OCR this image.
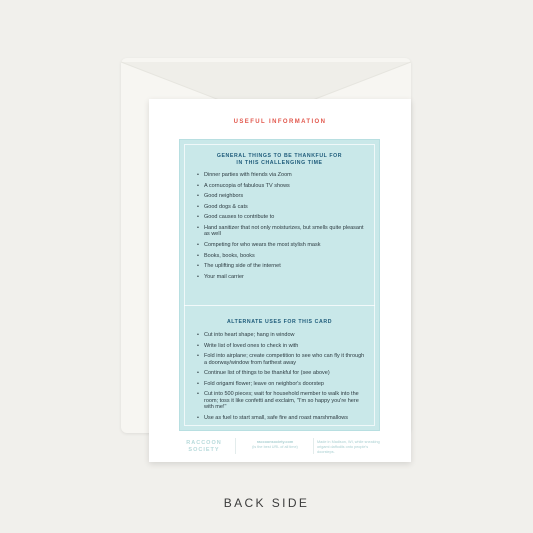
USEFUL INFORMATION
GENERAL THINGS TO BE THANKFUL FOR
IN THIS CHALLENGING TIME
• Dinner parties with friends via Zoom
• A cornucopia of fabulous TV shows
• Good neighbors
• Good dogs & cats
• Good causes to contribute to
• Hand sanitizer that not only moisturizes, but smells quite pleasant as well
• Competing for who wears the most stylish mask
• Books, books, books
• The uplifting side of the internet
• Your mail carrier
ALTERNATE USES FOR THIS CARD
• Cut into heart shape; hang in window
• Write list of loved ones to check in with
• Fold into airplane; create competition to see who can fly it through a doorway/window from farthest away
• Continue list of things to be thankful for (see above)
• Fold origami flower; leave on neighbor's doorstep
• Cut into 500 pieces; wait for household member to walk into the room; toss it like confetti and exclaim, "I'm so happy you're here with me!"
• Use as fuel to start small, safe fire and roast marshmallows
RACCOON
SOCIETY
raccoonsociety.com
(is the best URL of all time)
Made in Madison, WI, while sneaking origami daffodils onto people's doorsteps.
BACK SIDE
